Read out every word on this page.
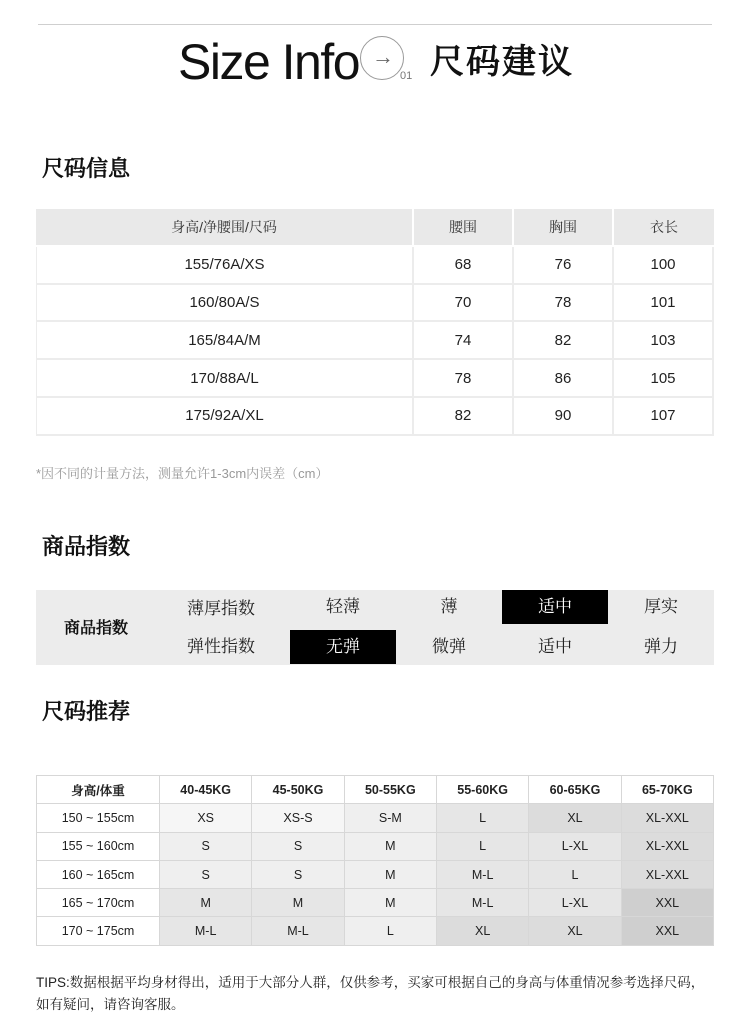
Size Info →
01 尺码建议
尺码信息
身高/净腰围/尺码	腰围	胸围	衣长
155/76A/XS	68	76	100
160/80A/S	70	78	101
165/84A/M	74	82	103
170/88A/L	78	86	105
175/92A/XL	82	90	107
*因不同的计量方法，测量允许1-3cm内误差（cm）
商品指数
商品指数
薄厚指数	轻薄	薄	适中	厚实
弹性指数	无弹	微弹	适中	弹力
尺码推荐
身高/体重	40-45KG	45-50KG	50-55KG	55-60KG	60-65KG	65-70KG
150 ~ 155cm	XS	XS-S	S-M	L	XL	XL-XXL
155 ~ 160cm	S	S	M	L	L-XL	XL-XXL
160 ~ 165cm	S	S	M	M-L	L	XL-XXL
165 ~ 170cm	M	M	M	M-L	L-XL	XXL
170 ~ 175cm	M-L	M-L	L	XL	XL	XXL
TIPS:数据根据平均身材得出，适用于大部分人群，仅供参考，买家可根据自己的身高与体重情况参考选择尺码，如有疑问，请咨询客服。
